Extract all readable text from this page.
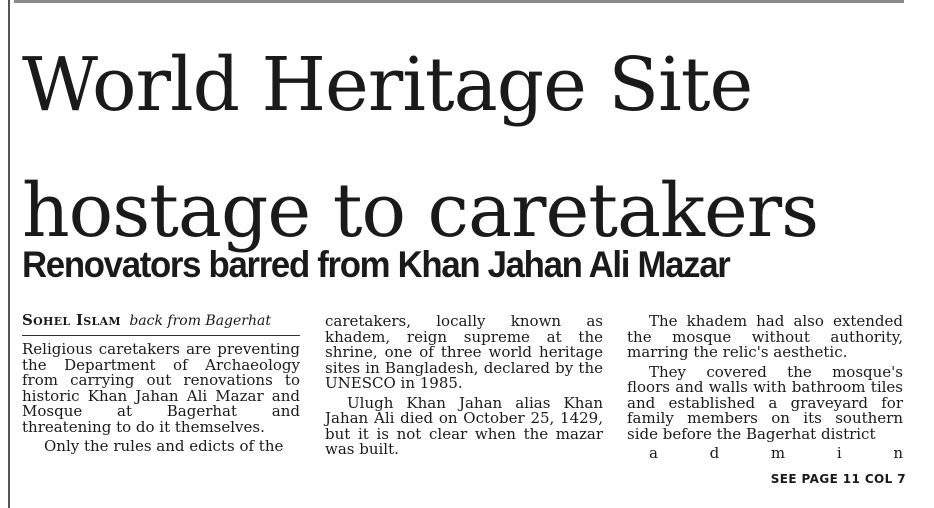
World Heritage Site
hostage to caretakers
Renovators barred from Khan Jahan Ali Mazar
Sohel Islam back from Bagerhat

Religious caretakers are preventing the Department of Archaeology from carrying out renovations to historic Khan Jahan Ali Mazar and Mosque at Bagerhat and threatening to do it themselves.

Only the rules and edicts of the

caretakers, locally known as khadem, reign supreme at the shrine, one of three world heritage sites in Bangladesh, declared by the UNESCO in 1985.

Ulugh Khan Jahan alias Khan Jahan Ali died on October 25, 1429, but it is not clear when the mazar was built.

The khadem had also extended the mosque without authority, marring the relic's aesthetic.

They covered the mosque's floors and walls with bathroom tiles and established a graveyard for family members on its southern side before the Bagerhat district

a d m i n

SEE PAGE 11 COL 7
